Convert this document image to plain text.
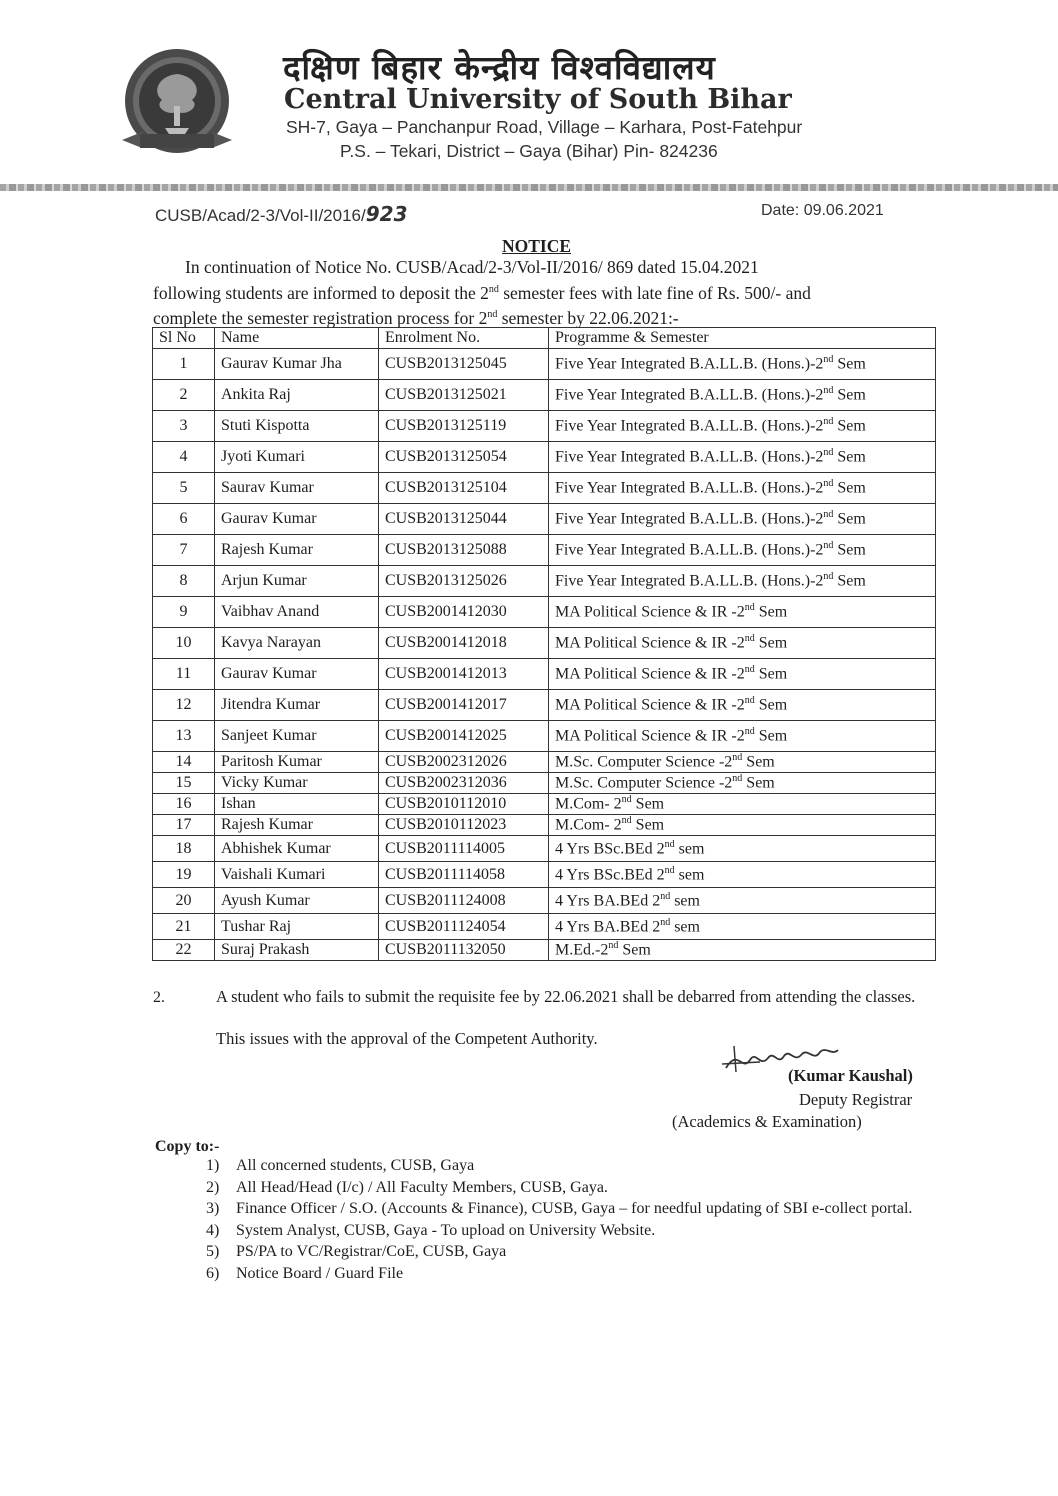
दक्षिण बिहार केन्द्रीय विश्वविद्यालय
Central University of South Bihar
SH-7, Gaya – Panchanpur Road, Village – Karhara, Post-Fatehpur
P.S. – Tekari, District – Gaya (Bihar) Pin- 824236
CUSB/Acad/2-3/Vol-II/2016/923	Date: 09.06.2021
NOTICE
In continuation of Notice No. CUSB/Acad/2-3/Vol-II/2016/ 869 dated 15.04.2021
following students are informed to deposit the 2nd semester fees with late fine of Rs. 500/- and
complete the semester registration process for 2nd semester by 22.06.2021:-
Sl No	Name	Enrolment No.	Programme & Semester
1	Gaurav Kumar Jha	CUSB2013125045	Five Year Integrated B.A.LL.B. (Hons.)-2nd Sem
2	Ankita Raj	CUSB2013125021	Five Year Integrated B.A.LL.B. (Hons.)-2nd Sem
3	Stuti Kispotta	CUSB2013125119	Five Year Integrated B.A.LL.B. (Hons.)-2nd Sem
4	Jyoti Kumari	CUSB2013125054	Five Year Integrated B.A.LL.B. (Hons.)-2nd Sem
5	Saurav Kumar	CUSB2013125104	Five Year Integrated B.A.LL.B. (Hons.)-2nd Sem
6	Gaurav Kumar	CUSB2013125044	Five Year Integrated B.A.LL.B. (Hons.)-2nd Sem
7	Rajesh Kumar	CUSB2013125088	Five Year Integrated B.A.LL.B. (Hons.)-2nd Sem
8	Arjun Kumar	CUSB2013125026	Five Year Integrated B.A.LL.B. (Hons.)-2nd Sem
9	Vaibhav Anand	CUSB2001412030	MA Political Science & IR -2nd Sem
10	Kavya Narayan	CUSB2001412018	MA Political Science & IR -2nd Sem
11	Gaurav Kumar	CUSB2001412013	MA Political Science & IR -2nd Sem
12	Jitendra Kumar	CUSB2001412017	MA Political Science & IR -2nd Sem
13	Sanjeet Kumar	CUSB2001412025	MA Political Science & IR -2nd Sem
14	Paritosh Kumar	CUSB2002312026	M.Sc. Computer Science -2nd Sem
15	Vicky Kumar	CUSB2002312036	M.Sc. Computer Science -2nd Sem
16	Ishan	CUSB2010112010	M.Com- 2nd Sem
17	Rajesh Kumar	CUSB2010112023	M.Com- 2nd Sem
18	Abhishek Kumar	CUSB2011114005	4 Yrs BSc.BEd 2nd sem
19	Vaishali Kumari	CUSB2011114058	4 Yrs BSc.BEd 2nd sem
20	Ayush Kumar	CUSB2011124008	4 Yrs BA.BEd 2nd sem
21	Tushar Raj	CUSB2011124054	4 Yrs BA.BEd 2nd sem
22	Suraj Prakash	CUSB2011132050	M.Ed.-2nd Sem
2.	A student who fails to submit the requisite fee by 22.06.2021 shall be debarred from attending the classes.
This issues with the approval of the Competent Authority.
(Kumar Kaushal)
Deputy Registrar
(Academics & Examination)
Copy to:-
1)	All concerned students, CUSB, Gaya
2)	All Head/Head (I/c) / All Faculty Members, CUSB, Gaya.
3)	Finance Officer / S.O. (Accounts & Finance), CUSB, Gaya – for needful updating of SBI e-collect portal.
4)	System Analyst, CUSB, Gaya - To upload on University Website.
5)	PS/PA to VC/Registrar/CoE, CUSB, Gaya
6)	Notice Board / Guard File
